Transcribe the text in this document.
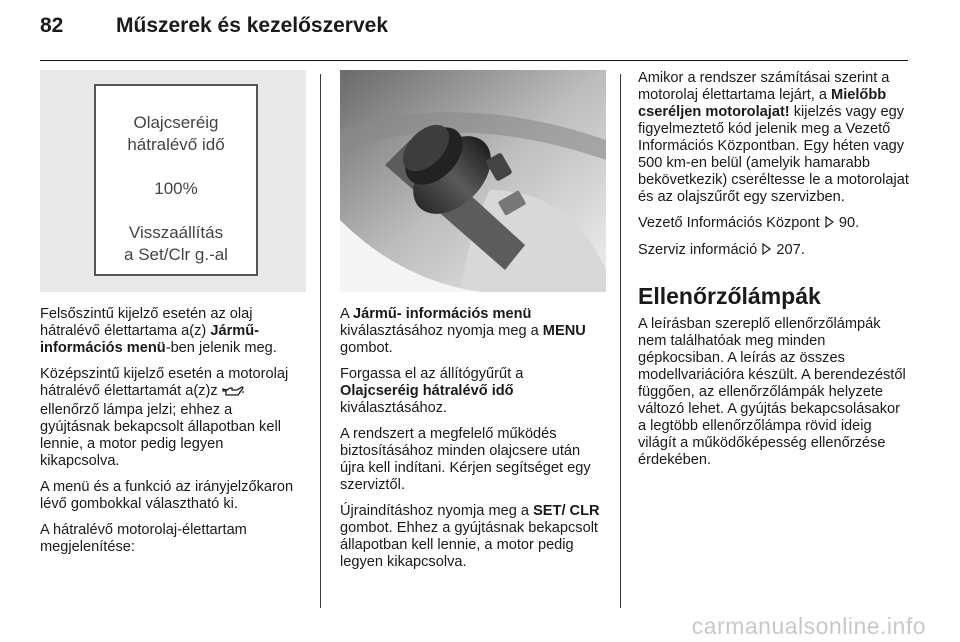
82	Műszerek és kezelőszervek
Olajcseréig
hátralévő idő
100%
Visszaállítás
a Set/Clr g.-al

Felsőszintű kijelző esetén az olaj hátralévő élettartama a(z) Jármű-információs menü-ben jelenik meg.

Középszintű kijelző esetén a motorolaj hátralévő élettartamát a(z)z  ellenőrző lámpa jelzi; ehhez a gyújtásnak bekapcsolt állapotban kell lennie, a motor pedig legyen kikapcsolva.

A menü és a funkció az irányjelzőkaron lévő gombokkal választható ki.

A hátralévő motorolaj-élettartam megjelenítése:

A Jármű- információs menü kiválasztásához nyomja meg a MENU gombot.

Forgassa el az állítógyűrűt a Olajcseréig hátralévő idő kiválasztásához.

A rendszert a megfelelő működés biztosításához minden olajcsere után újra kell indítani. Kérjen segítséget egy szerviztől.

Újraindításhoz nyomja meg a SET/ CLR gombot. Ehhez a gyújtásnak bekapcsolt állapotban kell lennie, a motor pedig legyen kikapcsolva.

Amikor a rendszer számításai szerint a motorolaj élettartama lejárt, a Mielőbb cseréljen motorolajat! kijelzés vagy egy figyelmeztető kód jelenik meg a Vezető Információs Központban. Egy héten vagy 500 km-en belül (amelyik hamarabb bekövetkezik) cseréltesse le a motorolajat és az olajszűrőt egy szervizben.

Vezető Információs Központ 90.

Szerviz információ 207.

Ellenőrzőlámpák

A leírásban szereplő ellenőrzőlámpák nem találhatóak meg minden gépkocsiban. A leírás az összes modellvariációra készült. A berendezéstől függően, az ellenőrzőlámpák helyzete változó lehet. A gyújtás bekapcsolásakor a legtöbb ellenőrzőlámpa rövid ideig világít a működőképesség ellenőrzése érdekében.

carmanualsonline.info
